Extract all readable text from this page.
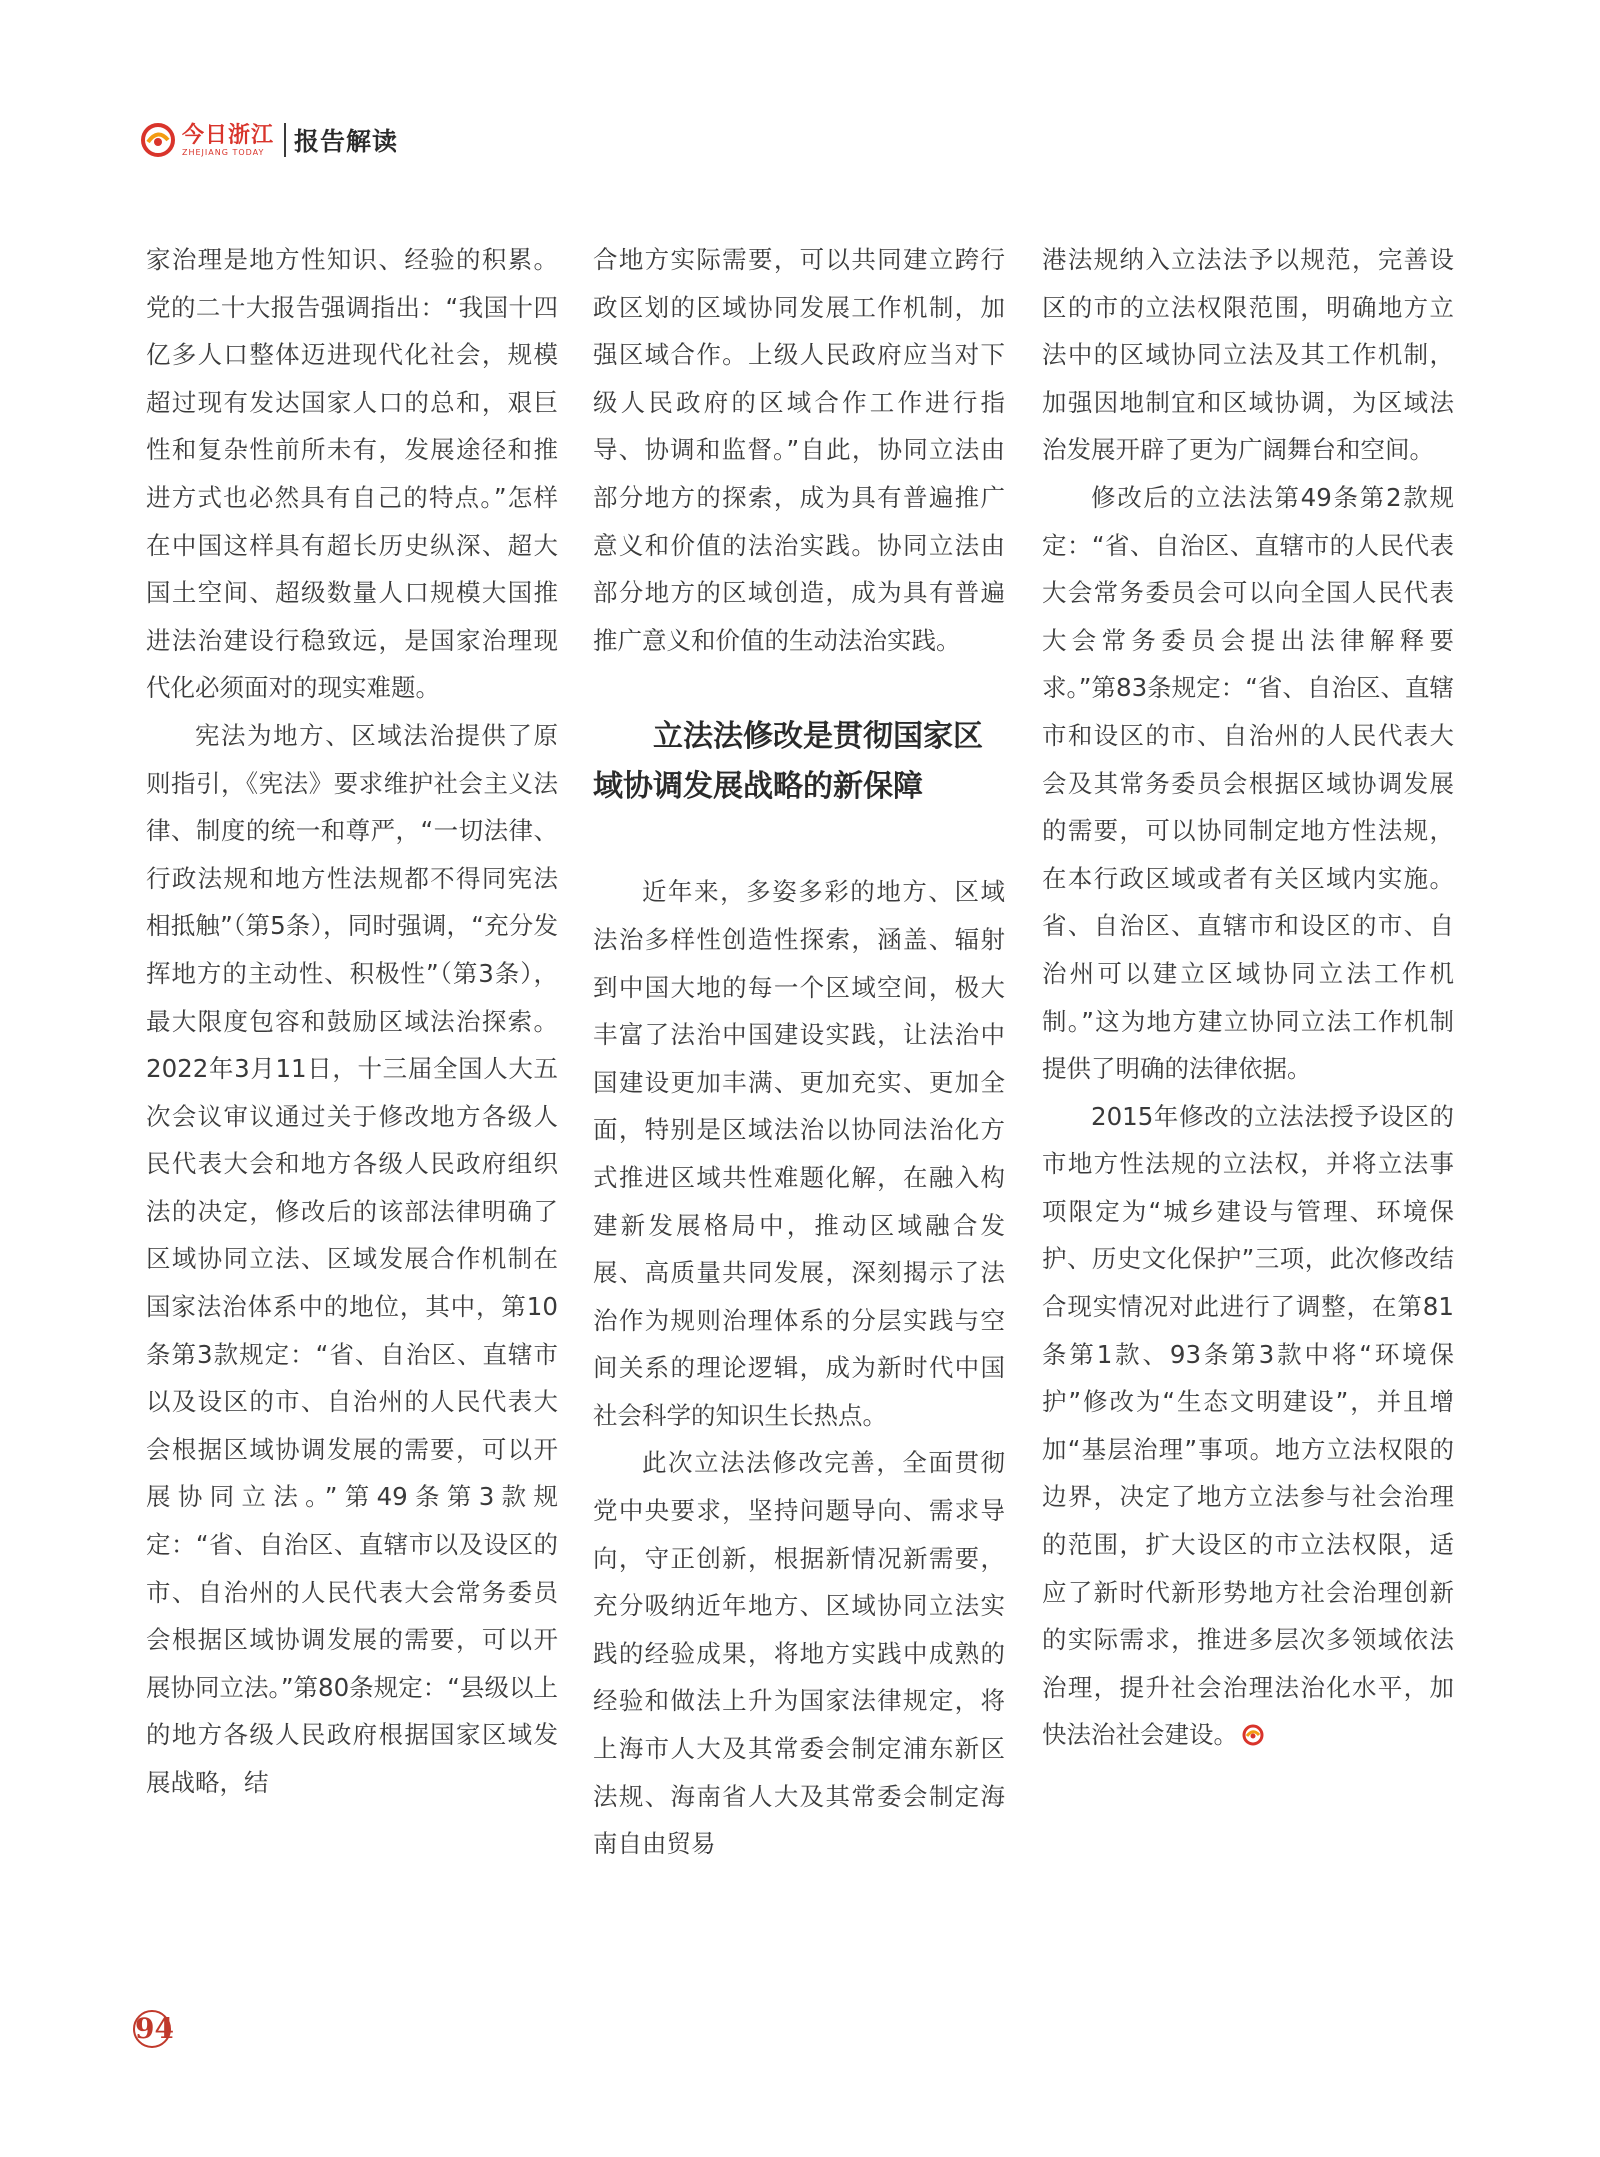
今日浙江
ZHEJIANG TODAY	报告解读

家治理是地方性知识、经验的积累。党的二十大报告强调指出：“我国十四亿多人口整体迈进现代化社会，规模超过现有发达国家人口的总和，艰巨性和复杂性前所未有，发展途径和推进方式也必然具有自己的特点。”怎样在中国这样具有超长历史纵深、超大国土空间、超级数量人口规模大国推进法治建设行稳致远，是国家治理现代化必须面对的现实难题。

宪法为地方、区域法治提供了原则指引，《宪法》要求维护社会主义法律、制度的统一和尊严，“一切法律、行政法规和地方性法规都不得同宪法相抵触”（第5条），同时强调，“充分发挥地方的主动性、积极性”（第3条），最大限度包容和鼓励区域法治探索。2022年3月11日，十三届全国人大五次会议审议通过关于修改地方各级人民代表大会和地方各级人民政府组织法的决定，修改后的该部法律明确了区域协同立法、区域发展合作机制在国家法治体系中的地位，其中，第10条第3款规定：“省、自治区、直辖市以及设区的市、自治州的人民代表大会根据区域协调发展的需要，可以开展协同立法。”第49条第3款规定：“省、自治区、直辖市以及设区的市、自治州的人民代表大会常务委员会根据区域协调发展的需要，可以开展协同立法。”第80条规定：“县级以上的地方各级人民政府根据国家区域发展战略，结

合地方实际需要，可以共同建立跨行政区划的区域协同发展工作机制，加强区域合作。上级人民政府应当对下级人民政府的区域合作工作进行指导、协调和监督。”自此，协同立法由部分地方的探索，成为具有普遍推广意义和价值的法治实践。协同立法由部分地方的区域创造，成为具有普遍推广意义和价值的生动法治实践。

立法法修改是贯彻国家区域协调发展战略的新保障

近年来，多姿多彩的地方、区域法治多样性创造性探索，涵盖、辐射到中国大地的每一个区域空间，极大丰富了法治中国建设实践，让法治中国建设更加丰满、更加充实、更加全面，特别是区域法治以协同法治化方式推进区域共性难题化解，在融入构建新发展格局中，推动区域融合发展、高质量共同发展，深刻揭示了法治作为规则治理体系的分层实践与空间关系的理论逻辑，成为新时代中国社会科学的知识生长热点。

此次立法法修改完善，全面贯彻党中央要求，坚持问题导向、需求导向，守正创新，根据新情况新需要，充分吸纳近年地方、区域协同立法实践的经验成果，将地方实践中成熟的经验和做法上升为国家法律规定，将上海市人大及其常委会制定浦东新区法规、海南省人大及其常委会制定海南自由贸易

港法规纳入立法法予以规范，完善设区的市的立法权限范围，明确地方立法中的区域协同立法及其工作机制，加强因地制宜和区域协调，为区域法治发展开辟了更为广阔舞台和空间。

修改后的立法法第49条第2款规定：“省、自治区、直辖市的人民代表大会常务委员会可以向全国人民代表大会常务委员会提出法律解释要求。”第83条规定：“省、自治区、直辖市和设区的市、自治州的人民代表大会及其常务委员会根据区域协调发展的需要，可以协同制定地方性法规，在本行政区域或者有关区域内实施。省、自治区、直辖市和设区的市、自治州可以建立区域协同立法工作机制。”这为地方建立协同立法工作机制提供了明确的法律依据。

2015年修改的立法法授予设区的市地方性法规的立法权，并将立法事项限定为“城乡建设与管理、环境保护、历史文化保护”三项，此次修改结合现实情况对此进行了调整，在第81条第1款、93条第3款中将“环境保护”修改为“生态文明建设”，并且增加“基层治理”事项。地方立法权限的边界，决定了地方立法参与社会治理的范围，扩大设区的市立法权限，适应了新时代新形势地方社会治理创新的实际需求，推进多层次多领域依法治理，提升社会治理法治化水平，加快法治社会建设。

94
